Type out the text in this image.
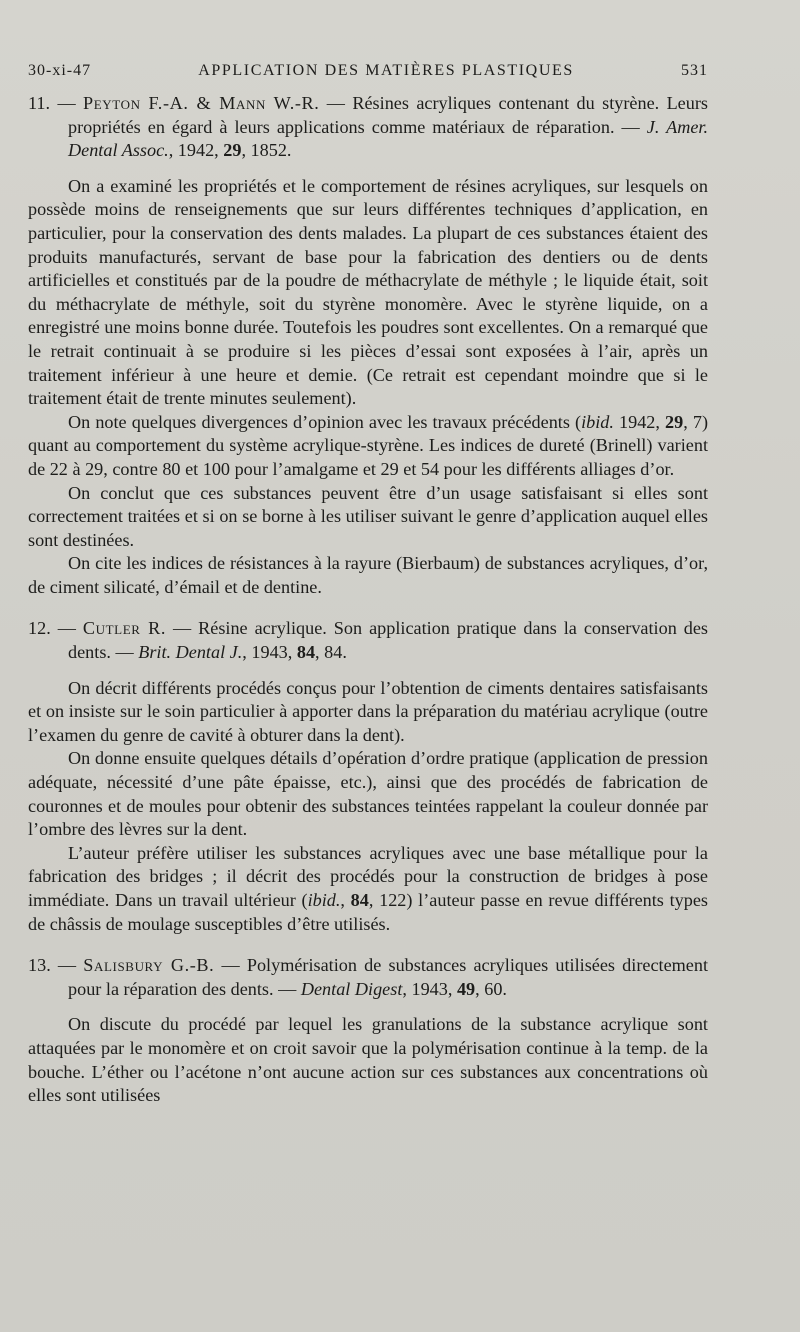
30-xi-47	APPLICATION DES MATIÈRES PLASTIQUES	531

11. — Peyton F.-A. & Mann W.-R. — Résines acryliques contenant du styrène. Leurs propriétés en égard à leurs applications comme matériaux de réparation. — J. Amer. Dental Assoc., 1942, 29, 1852.

On a examiné les propriétés et le comportement de résines acryliques, sur lesquels on possède moins de renseignements que sur leurs différentes techniques d’application, en particulier, pour la conservation des dents malades. La plupart de ces substances étaient des produits manufacturés, servant de base pour la fabrication des dentiers ou de dents artificielles et constitués par de la poudre de méthacrylate de méthyle ; le liquide était, soit du méthacrylate de méthyle, soit du styrène monomère. Avec le styrène liquide, on a enregistré une moins bonne durée. Toutefois les poudres sont excellentes. On a remarqué que le retrait continuait à se produire si les pièces d’essai sont exposées à l’air, après un traitement inférieur à une heure et demie. (Ce retrait est cependant moindre que si le traitement était de trente minutes seulement).

On note quelques divergences d’opinion avec les travaux précédents (ibid. 1942, 29, 7) quant au comportement du système acrylique-styrène. Les indices de dureté (Brinell) varient de 22 à 29, contre 80 et 100 pour l’amalgame et 29 et 54 pour les différents alliages d’or.

On conclut que ces substances peuvent être d’un usage satisfaisant si elles sont correctement traitées et si on se borne à les utiliser suivant le genre d’application auquel elles sont destinées.

On cite les indices de résistances à la rayure (Bierbaum) de substances acryliques, d’or, de ciment silicaté, d’émail et de dentine.

12. — Cutler R. — Résine acrylique. Son application pratique dans la conservation des dents. — Brit. Dental J., 1943, 84, 84.

On décrit différents procédés conçus pour l’obtention de ciments dentaires satisfaisants et on insiste sur le soin particulier à apporter dans la préparation du matériau acrylique (outre l’examen du genre de cavité à obturer dans la dent).

On donne ensuite quelques détails d’opération d’ordre pratique (application de pression adéquate, nécessité d’une pâte épaisse, etc.), ainsi que des procédés de fabrication de couronnes et de moules pour obtenir des substances teintées rappelant la couleur donnée par l’ombre des lèvres sur la dent.

L’auteur préfère utiliser les substances acryliques avec une base métallique pour la fabrication des bridges ; il décrit des procédés pour la construction de bridges à pose immédiate. Dans un travail ultérieur (ibid., 84, 122) l’auteur passe en revue différents types de châssis de moulage susceptibles d’être utilisés.

13. — Salisbury G.-B. — Polymérisation de substances acryliques utilisées directement pour la réparation des dents. — Dental Digest, 1943, 49, 60.

On discute du procédé par lequel les granulations de la substance acrylique sont attaquées par le monomère et on croit savoir que la polymérisation continue à la temp. de la bouche. L’éther ou l’acétone n’ont aucune action sur ces substances aux concentrations où elles sont utilisées
